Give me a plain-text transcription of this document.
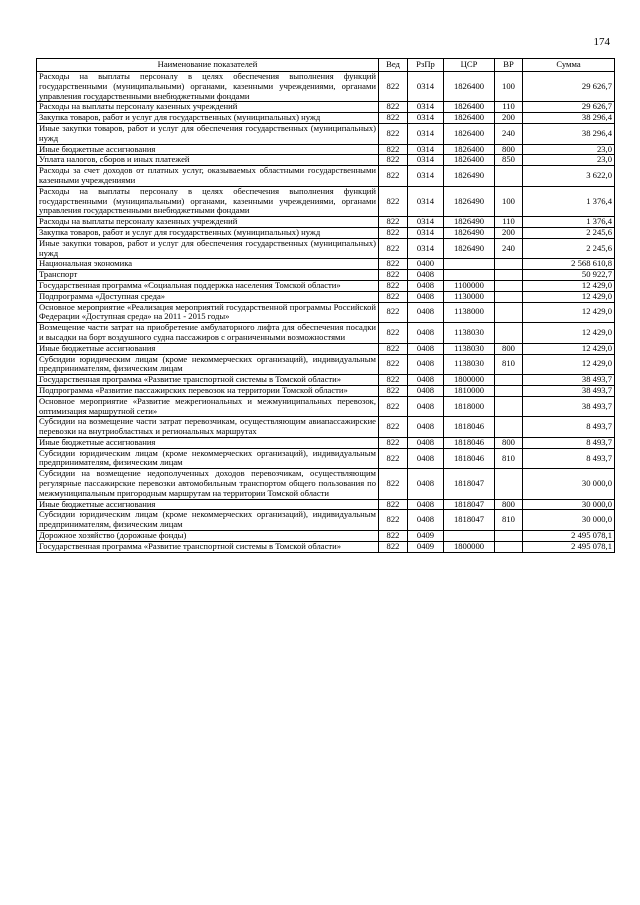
174
Наименование показателей	Вед	РзПр	ЦСР	ВР	Сумма
Расходы на выплаты персоналу в целях обеспечения выполнения функций государственными (муниципальными) органами, казенными учреждениями, органами управления государственными внебюджетными фондами	822	0314	1826400	100	29 626,7
Расходы на выплаты персоналу казенных учреждений	822	0314	1826400	110	29 626,7
Закупка товаров, работ и услуг для государственных (муниципальных) нужд	822	0314	1826400	200	38 296,4
Иные закупки товаров, работ и услуг для обеспечения государственных (муниципальных) нужд	822	0314	1826400	240	38 296,4
Иные бюджетные ассигнования	822	0314	1826400	800	23,0
Уплата налогов, сборов и иных платежей	822	0314	1826400	850	23,0
Расходы за счет доходов от платных услуг, оказываемых областными государственными казенными учреждениями	822	0314	1826490		3 622,0
Расходы на выплаты персоналу в целях обеспечения выполнения функций государственными (муниципальными) органами, казенными учреждениями, органами управления государственными внебюджетными фондами	822	0314	1826490	100	1 376,4
Расходы на выплаты персоналу казенных учреждений	822	0314	1826490	110	1 376,4
Закупка товаров, работ и услуг для государственных (муниципальных) нужд	822	0314	1826490	200	2 245,6
Иные закупки товаров, работ и услуг для обеспечения государственных (муниципальных) нужд	822	0314	1826490	240	2 245,6
Национальная экономика	822	0400			2 568 610,8
Транспорт	822	0408			50 922,7
Государственная программа «Социальная поддержка населения Томской области»	822	0408	1100000		12 429,0
Подпрограмма «Доступная среда»	822	0408	1130000		12 429,0
Основное мероприятие «Реализация мероприятий государственной программы Российской Федерации «Доступная среда» на 2011 - 2015 годы»	822	0408	1138000		12 429,0
Возмещение части затрат на приобретение амбулаторного лифта для обеспечения посадки и высадки на борт воздушного судна пассажиров с ограниченными возможностями	822	0408	1138030		12 429,0
Иные бюджетные ассигнования	822	0408	1138030	800	12 429,0
Субсидии юридическим лицам (кроме некоммерческих организаций), индивидуальным предпринимателям, физическим лицам	822	0408	1138030	810	12 429,0
Государственная программа «Развитие транспортной системы в Томской области»	822	0408	1800000		38 493,7
Подпрограмма «Развитие пассажирских перевозок на территории Томской области»	822	0408	1810000		38 493,7
Основное мероприятие «Развитие межрегиональных и межмуниципальных перевозок, оптимизация маршрутной сети»	822	0408	1818000		38 493,7
Субсидии на возмещение части затрат перевозчикам, осуществляющим авиапассажирские перевозки на внутриобластных и региональных маршрутах	822	0408	1818046		8 493,7
Иные бюджетные ассигнования	822	0408	1818046	800	8 493,7
Субсидии юридическим лицам (кроме некоммерческих организаций), индивидуальным предпринимателям, физическим лицам	822	0408	1818046	810	8 493,7
Субсидии на возмещение недополученных доходов перевозчикам, осуществляющим регулярные пассажирские перевозки автомобильным транспортом общего пользования по межмуниципальным пригородным маршрутам на территории Томской области	822	0408	1818047		30 000,0
Иные бюджетные ассигнования	822	0408	1818047	800	30 000,0
Субсидии юридическим лицам (кроме некоммерческих организаций), индивидуальным предпринимателям, физическим лицам	822	0408	1818047	810	30 000,0
Дорожное хозяйство (дорожные фонды)	822	0409			2 495 078,1
Государственная программа «Развитие транспортной системы в Томской области»	822	0409	1800000		2 495 078,1
